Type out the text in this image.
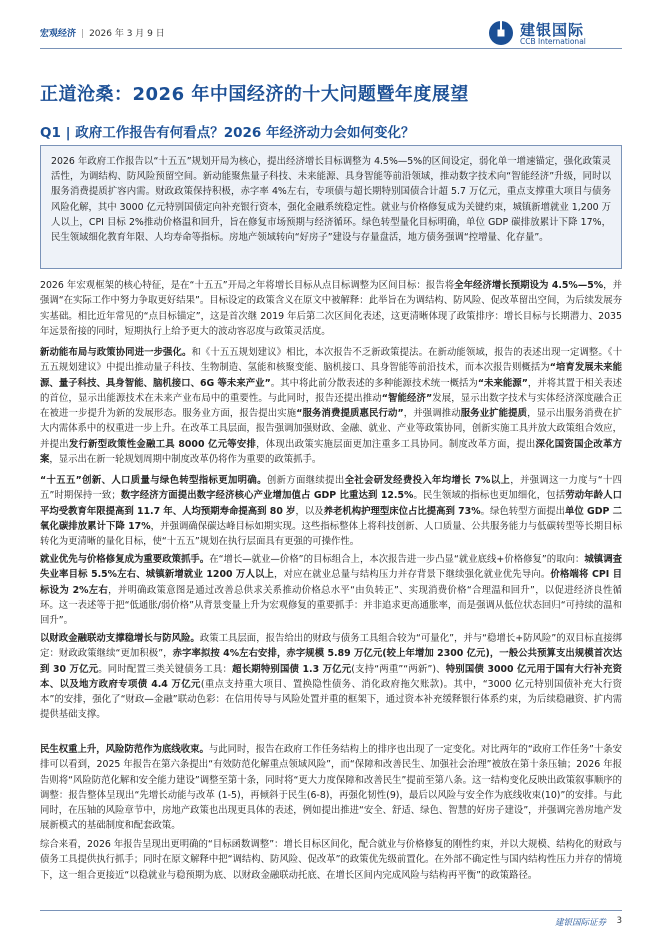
宏观经济 | 2026 年 3 月 9 日	建银国际
CCB International
正道沧桑：2026 年中国经济的十大问题暨年度展望
Q1 | 政府工作报告有何看点？2026 年经济动力会如何变化？
2026 年政府工作报告以“十五五”规划开局为核心，提出经济增长目标调整为 4.5%—5%的区间设定，弱化单一增速锚定，强化政策灵活性，为调结构、防风险预留空间。新动能聚焦量子科技、未来能源、具身智能等前沿领域，推动数字技术向“智能经济”升级，同时以服务消费提质扩容内需。财政政策保持积极，赤字率 4%左右，专项债与超长期特别国债合计超 5.7 万亿元，重点支撑重大项目与债务风险化解，其中 3000 亿元特别国债定向补充银行资本，强化金融系统稳定性。就业与价格修复成为关键约束，城镇新增就业 1,200 万人以上，CPI 目标 2%推动价格温和回升，旨在修复市场预期与经济循环。绿色转型量化目标明确，单位 GDP 碳排放累计下降 17%，民生领域细化教育年限、人均寿命等指标。房地产领域转向“好房子”建设与存量盘活，地方债务强调“控增量、化存量”。
2026 年宏观框架的核心特征，是在“十五五”开局之年将增长目标从点目标调整为区间目标：报告将全年经济增长预期设为 4.5%—5%，并强调“在实际工作中努力争取更好结果”。目标设定的政策含义在原文中被解释：此举旨在为调结构、防风险、促改革留出空间，为后续发展夯实基础。相比近年常见的“点目标锚定”，这是首次继 2019 年后第二次区间化表述，这更清晰体现了政策排序：增长目标与长期潜力、2035 年远景衔接的同时，短期执行上给予更大的波动容忍度与政策灵活度。
新动能布局与政策协同进一步强化。和《十五五规划建议》相比，本次报告不乏新政策提法。在新动能领域，报告的表述出现一定调整。《十五五规划建议》中提出推动量子科技、生物制造、氢能和核聚变能、脑机接口、具身智能等前沿技术，而本次报告则概括为“培育发展未来能源、量子科技、具身智能、脑机接口、6G 等未来产业”。其中将此前分散表述的多种能源技术统一概括为“未来能源”，并将其置于相关表述的首位，显示出能源技术在未来产业布局中的重要性。与此同时，报告还提出推动“智能经济”发展，显示出数字技术与实体经济深度融合正在被进一步提升为新的发展形态。服务业方面，报告提出实施“服务消费提质惠民行动”，并强调推动服务业扩能提质，显示出服务消费在扩大内需体系中的权重进一步上升。在改革工具层面，报告强调加强财政、金融、就业、产业等政策协同，创新实施工具并放大政策组合效应，并提出发行新型政策性金融工具 8000 亿元等安排，体现出政策实施层面更加注重多工具协同。制度改革方面，提出深化国资国企改革方案，显示出在新一轮规划周期中制度改革仍将作为重要的政策抓手。
“十五五”创新、人口质量与绿色转型指标更加明确。创新方面继续提出全社会研发经费投入年均增长 7%以上，并强调这一力度与“十四五”时期保持一致；数字经济方面提出数字经济核心产业增加值占 GDP 比重达到 12.5%。民生领域的指标也更加细化，包括劳动年龄人口平均受教育年限提高到 11.7 年、人均预期寿命提高到 80 岁，以及养老机构护理型床位占比提高到 73%。绿色转型方面提出单位 GDP 二氧化碳排放累计下降 17%，并强调确保碳达峰目标如期实现。这些指标整体上将科技创新、人口质量、公共服务能力与低碳转型等长期目标转化为更清晰的量化目标，使“十五五”规划在执行层面具有更强的可操作性。
就业优先与价格修复成为重要政策抓手。在“增长—就业—价格”的目标组合上，本次报告进一步凸显“就业底线+价格修复”的取向：城镇调查失业率目标 5.5%左右、城镇新增就业 1200 万人以上，对应在就业总量与结构压力并存背景下继续强化就业优先导向。价格端将 CPI 目标设为 2%左右，并明确政策意图是通过改善总供求关系推动价格总水平“由负转正”、实现消费价格“合理温和回升”，以促进经济良性循环。这一表述等于把“低通胀/弱价格”从背景变量上升为宏观修复的重要抓手：并非追求更高通胀率，而是强调从低位状态回归“可持续的温和回升”。
以财政金融联动支撑稳增长与防风险。政策工具层面，报告给出的财政与债务工具组合较为“可量化”，并与“稳增长+防风险”的双目标直接绑定：财政政策继续“更加积极”，赤字率拟按 4%左右安排，赤字规模 5.89 万亿元(较上年增加 2300 亿元)，一般公共预算支出规模首次达到 30 万亿元。同时配置三类关键债务工具：超长期特别国债 1.3 万亿元(支持“两重”“两新”)、特别国债 3000 亿元用于国有大行补充资本、以及地方政府专项债 4.4 万亿元(重点支持重大项目、置换隐性债务、消化政府拖欠账款)。其中，“3000 亿元特别国债补充大行资本”的安排，强化了“财政—金融”联动色彩：在信用传导与风险处置并重的框架下，通过资本补充缓释银行体系约束，为后续稳融资、扩内需提供基础支撑。
民生权重上升，风险防范作为底线收束。与此同时，报告在政府工作任务结构上的排序也出现了一定变化。对比两年的“政府工作任务”十条安排可以看到，2025 年报告在第六条提出“有效防范化解重点领域风险”，而“保障和改善民生、加强社会治理”被放在第十条压轴；2026 年报告则将“风险防范化解和安全能力建设”调整至第十条，同时将“更大力度保障和改善民生”提前至第八条。这一结构变化反映出政策叙事顺序的调整：报告整体呈现出“先增长动能与改革 (1-5)，再倾斜于民生(6-8)，再强化韧性(9)，最后以风险与安全作为底线收束(10)”的安排。与此同时，在压轴的风险章节中，房地产政策也出现更具体的表述，例如提出推进“安全、舒适、绿色、智慧的好房子建设”，并强调完善房地产发展新模式的基础制度和配套政策。
综合来看，2026 年报告呈现出更明确的“目标函数调整”：增长目标区间化，配合就业与价格修复的刚性约束，并以大规模、结构化的财政与债务工具提供执行抓手；同时在原文解释中把“调结构、防风险、促改革”的政策优先级前置化。在外部不确定性与国内结构性压力并存的情境下，这一组合更接近“以稳就业与稳预期为底、以财政金融联动托底、在增长区间内完成风险与结构再平衡”的政策路径。
建银国际证券 3
